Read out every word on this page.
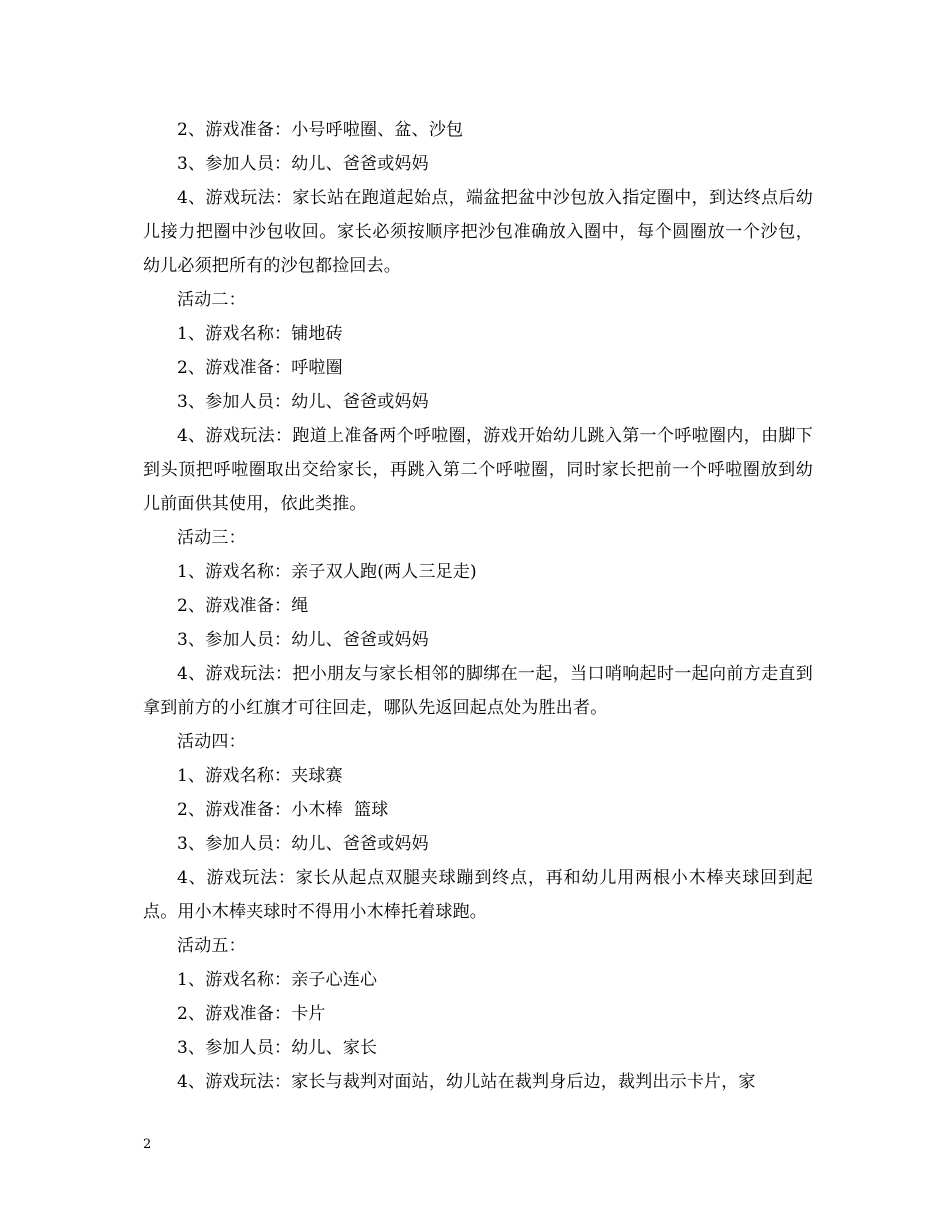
2、游戏准备：小号呼啦圈、盆、沙包

3、参加人员：幼儿、爸爸或妈妈

4、游戏玩法：家长站在跑道起始点，端盆把盆中沙包放入指定圈中，到达终点后幼儿接力把圈中沙包收回。家长必须按顺序把沙包准确放入圈中，每个圆圈放一个沙包，幼儿必须把所有的沙包都捡回去。

活动二：

1、游戏名称：铺地砖

2、游戏准备：呼啦圈

3、参加人员：幼儿、爸爸或妈妈

4、游戏玩法：跑道上准备两个呼啦圈，游戏开始幼儿跳入第一个呼啦圈内，由脚下到头顶把呼啦圈取出交给家长，再跳入第二个呼啦圈，同时家长把前一个呼啦圈放到幼儿前面供其使用，依此类推。

活动三：

1、游戏名称：亲子双人跑(两人三足走)

2、游戏准备：绳

3、参加人员：幼儿、爸爸或妈妈

4、游戏玩法：把小朋友与家长相邻的脚绑在一起，当口哨响起时一起向前方走直到拿到前方的小红旗才可往回走，哪队先返回起点处为胜出者。

活动四：

1、游戏名称：夹球赛

2、游戏准备：小木棒  篮球

3、参加人员：幼儿、爸爸或妈妈

4、游戏玩法：家长从起点双腿夹球蹦到终点，再和幼儿用两根小木棒夹球回到起点。用小木棒夹球时不得用小木棒托着球跑。

活动五：

1、游戏名称：亲子心连心

2、游戏准备：卡片

3、参加人员：幼儿、家长

4、游戏玩法：家长与裁判对面站，幼儿站在裁判身后边，裁判出示卡片，家

2
